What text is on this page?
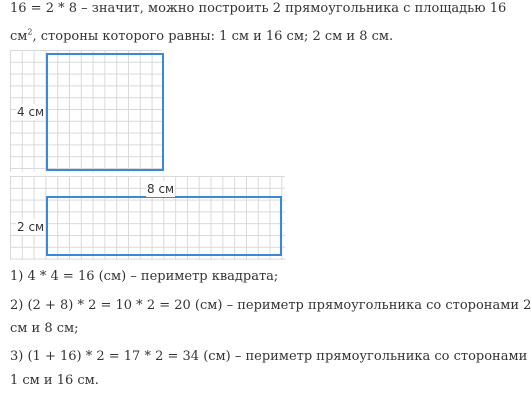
16 = 2 * 8 – значит, можно построить 2 прямоугольника с площадью 16
$см^2$, стороны которого равны: 1 см и 16 см; 2 см и 8 см.
4 см
8 см
2 см
1) 4 * 4 = 16 (см) – периметр квадрата;
2) (2 + 8) * 2 = 10 * 2 = 20 (см) – периметр прямоугольника со сторонами 2
см и 8 см;
3) (1 + 16) * 2 = 17 * 2 = 34 (см) – периметр прямоугольника со сторонами
1 см и 16 см.
